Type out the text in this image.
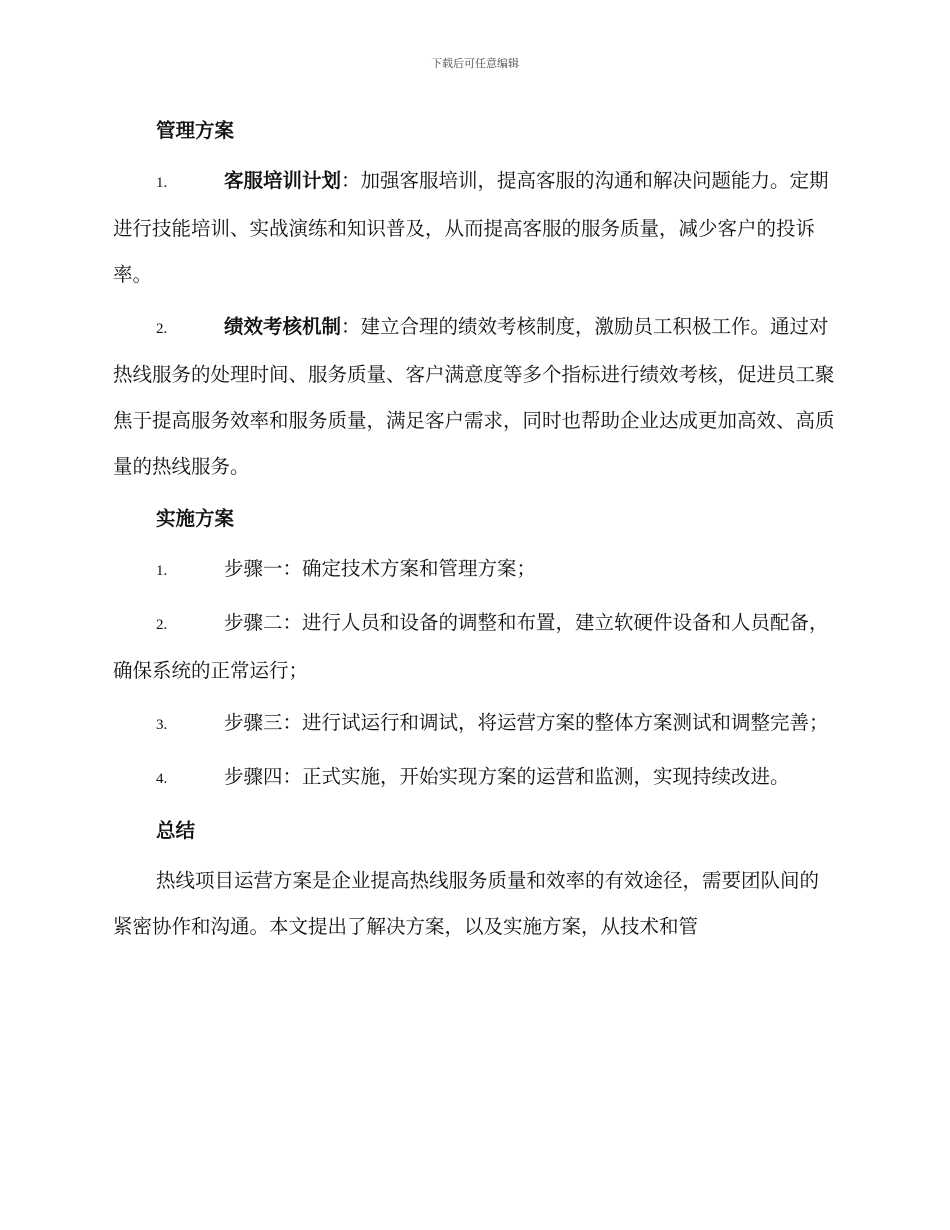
下载后可任意编辑
管理方案

1.	客服培训计划：加强客服培训，提高客服的沟通和解决问题能力。定期进行技能培训、实战演练和知识普及，从而提高客服的服务质量，减少客户的投诉率。

2.	绩效考核机制：建立合理的绩效考核制度，激励员工积极工作。通过对热线服务的处理时间、服务质量、客户满意度等多个指标进行绩效考核，促进员工聚焦于提高服务效率和服务质量，满足客户需求，同时也帮助企业达成更加高效、高质量的热线服务。

实施方案

1.	步骤一：确定技术方案和管理方案；

2.	步骤二：进行人员和设备的调整和布置，建立软硬件设备和人员配备，确保系统的正常运行；

3.	步骤三：进行试运行和调试，将运营方案的整体方案测试和调整完善；

4.	步骤四：正式实施，开始实现方案的运营和监测，实现持续改进。

总结

热线项目运营方案是企业提高热线服务质量和效率的有效途径，需要团队间的紧密协作和沟通。本文提出了解决方案，以及实施方案，从技术和管
